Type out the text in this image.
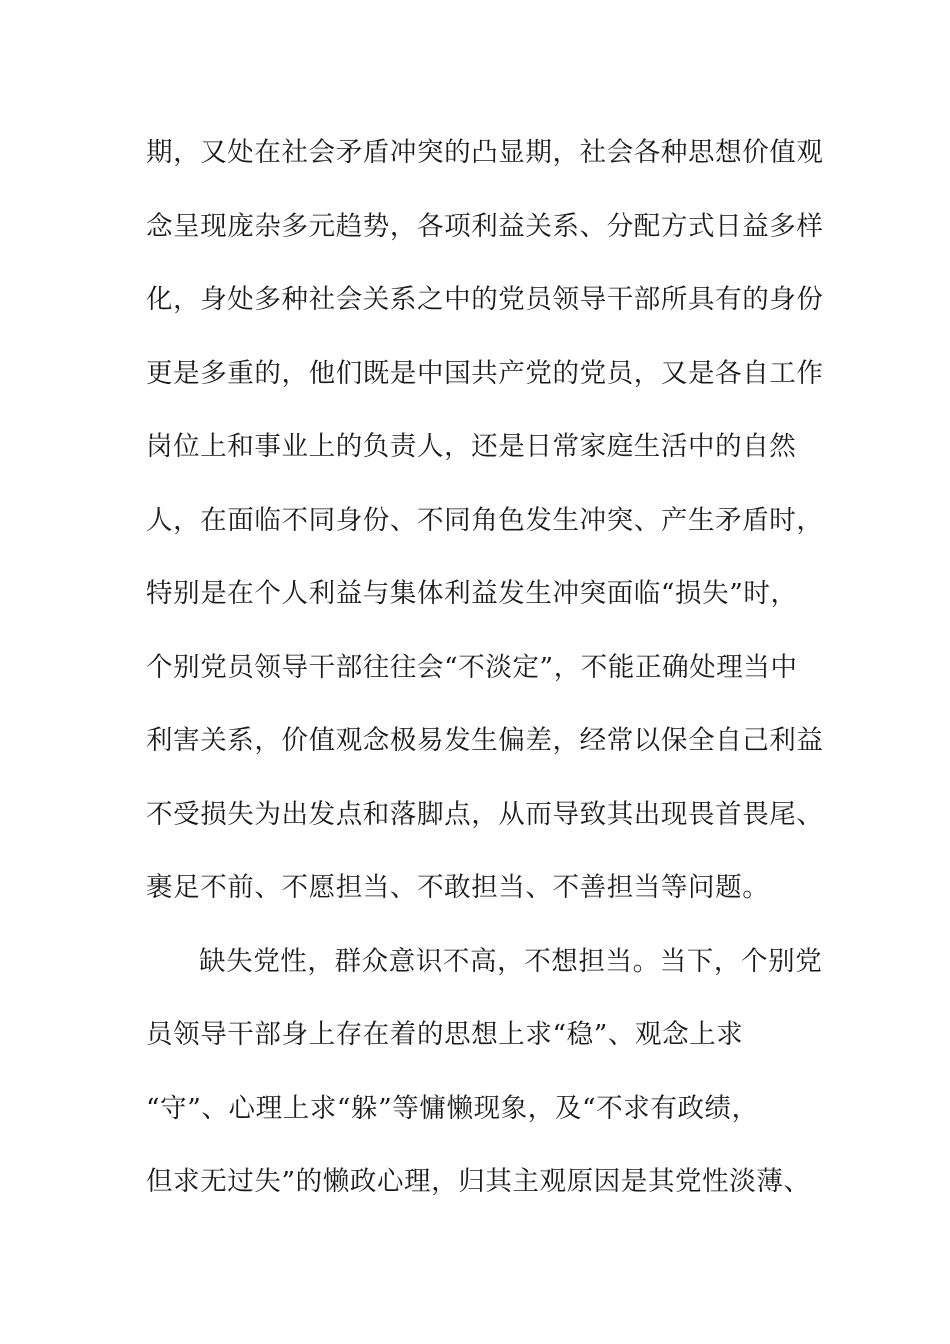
期，又处在社会矛盾冲突的凸显期，社会各种思想价值观
念呈现庞杂多元趋势，各项利益关系、分配方式日益多样
化，身处多种社会关系之中的党员领导干部所具有的身份
更是多重的，他们既是中国共产党的党员，又是各自工作
岗位上和事业上的负责人，还是日常家庭生活中的自然
人，在面临不同身份、不同角色发生冲突、产生矛盾时，
特别是在个人利益与集体利益发生冲突面临“损失”时，
个别党员领导干部往往会“不淡定”，不能正确处理当中
利害关系，价值观念极易发生偏差，经常以保全自己利益
不受损失为出发点和落脚点，从而导致其出现畏首畏尾、
裹足不前、不愿担当、不敢担当、不善担当等问题。
缺失党性，群众意识不高，不想担当。当下，个别党
员领导干部身上存在着的思想上求“稳”、观念上求
“守”、心理上求“躲”等慵懒现象，及“不求有政绩，
但求无过失”的懒政心理，归其主观原因是其党性淡薄、
